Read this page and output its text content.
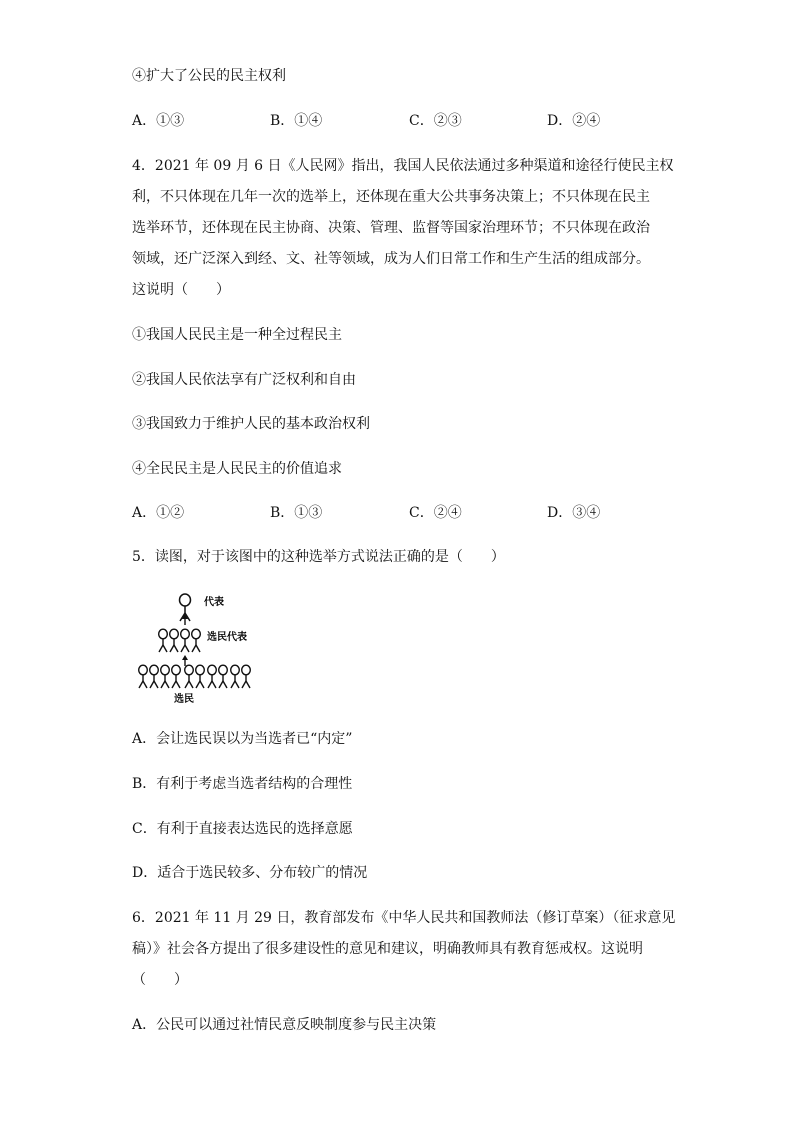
④扩大了公民的民主权利
A．①③	B．①④	C．②③	D．②④
4．2021 年 09 月 6 日《人民网》指出，我国人民依法通过多种渠道和途径行使民主权
利，不只体现在几年一次的选举上，还体现在重大公共事务决策上；不只体现在民主
选举环节，还体现在民主协商、决策、管理、监督等国家治理环节；不只体现在政治
领域，还广泛深入到经、文、社等领域，成为人们日常工作和生产生活的组成部分。
这说明（　　）
①我国人民民主是一种全过程民主
②我国人民依法享有广泛权利和自由
③我国致力于维护人民的基本政治权利
④全民民主是人民民主的价值追求
A．①②	B．①③	C．②④	D．③④
5．读图，对于该图中的这种选举方式说法正确的是（　　）
代表
选民代表
选民
A．会让选民误以为当选者已“内定”
B．有利于考虑当选者结构的合理性
C．有利于直接表达选民的选择意愿
D．适合于选民较多、分布较广的情况
6．2021 年 11 月 29 日，教育部发布《中华人民共和国教师法（修订草案）（征求意见
稿）》社会各方提出了很多建设性的意见和建议，明确教师具有教育惩戒权。这说明
（　　）
A．公民可以通过社情民意反映制度参与民主决策
